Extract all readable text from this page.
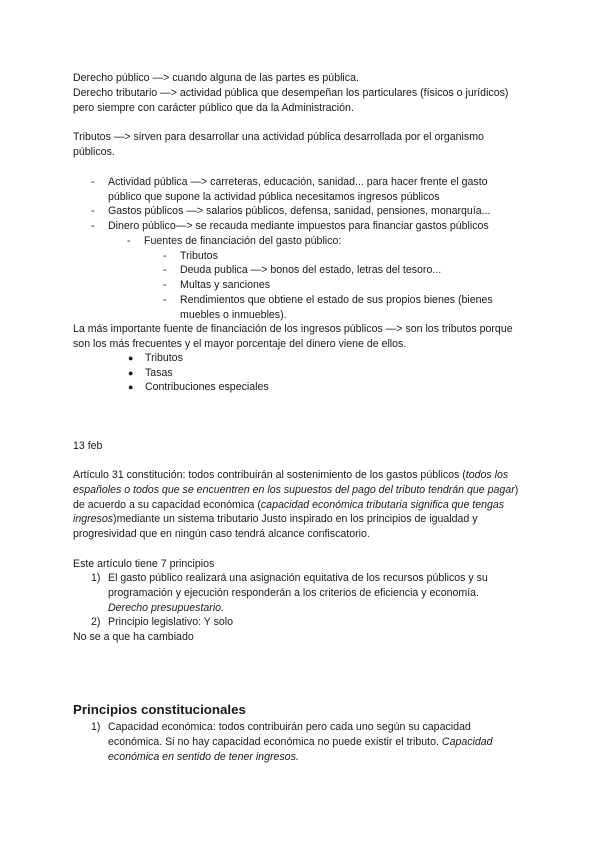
Derecho público —> cuando alguna de las partes es pública.

Derecho tributario —> actividad pública que desempeñan los particulares (físicos o jurídicos) pero siempre con carácter público que da la Administración.

Tributos —> sirven para desarrollar una actividad pública desarrollada por el organismo públicos.

- Actividad pública —> carreteras, educación, sanidad... para hacer frente el gasto público que supone la actividad pública necesitamos ingresos públicos

- Gastos públicos —> salarios públicos, defensa, sanidad, pensiones, monarquía...

- Dinero público—> se recauda mediante impuestos para financiar gastos públicos

- Fuentes de financiación del gasto público:

- Tributos

- Deuda publica —> bonos del estado, letras del tesoro...

- Multas y sanciones

- Rendimientos que obtiene el estado de sus propios bienes (bienes muebles o inmuebles).

La más importante fuente de financiación de los ingresos públicos —> son los tributos porque son los más frecuentes y el mayor porcentaje del dinero viene de ellos.

● Tributos

● Tasas

● Contribuciones especiales

13 feb

Artículo 31 constitución: todos contribuirán al sostenimiento de los gastos públicos (todos los españoles o todos que se encuentren en los supuestos del pago del tributo tendrán que pagar) de acuerdo a su capacidad económica (capacidad económica tributaria significa que tengas ingresos)mediante un sistema tributario Justo inspirado en los principios de igualdad y progresividad que en ningún caso tendrá alcance confiscatorio.

Este artículo tiene 7 principios

1) El gasto público realizará una asignación equitativa de los recursos públicos y su programación y ejecución responderán a los criterios de eficiencia y economía. Derecho presupuestario.

2) Principio legislativo: Y solo

No se a que ha cambiado

Principios constitucionales
1) Capacidad económica: todos contribuirán pero cada uno según su capacidad económica. Si no hay capacidad económica no puede existir el tributo. Capacidad económica en sentido de tener ingresos.
